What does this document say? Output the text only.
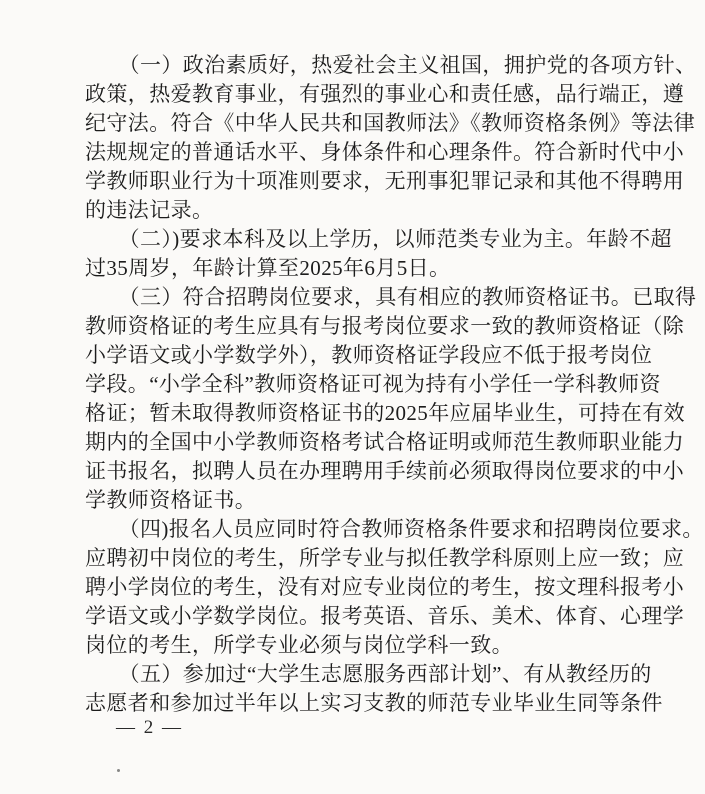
（一）政治素质好，热爱社会主义祖国，拥护党的各项方针、
政策，热爱教育事业，有强烈的事业心和责任感，品行端正，遵
纪守法。符合《中华人民共和国教师法》《教师资格条例》等法律
法规规定的普通话水平、身体条件和心理条件。符合新时代中小
学教师职业行为十项准则要求，无刑事犯罪记录和其他不得聘用
的违法记录。

（二）)要求本科及以上学历，以师范类专业为主。年龄不超
过35周岁，年龄计算至2025年6月5日。

（三）符合招聘岗位要求，具有相应的教师资格证书。已取得
教师资格证的考生应具有与报考岗位要求一致的教师资格证（除
小学语文或小学数学外），教师资格证学段应不低于报考岗位
学段。“小学全科”教师资格证可视为持有小学任一学科教师资
格证；暂未取得教师资格证书的2025年应届毕业生，可持在有效
期内的全国中小学教师资格考试合格证明或师范生教师职业能力
证书报名，拟聘人员在办理聘用手续前必须取得岗位要求的中小
学教师资格证书。

（四)报名人员应同时符合教师资格条件要求和招聘岗位要求。
应聘初中岗位的考生，所学专业与拟任教学科原则上应一致；应
聘小学岗位的考生，没有对应专业岗位的考生，按文理科报考小
学语文或小学数学岗位。报考英语、音乐、美术、体育、心理学
岗位的考生，所学专业必须与岗位学科一致。

（五）参加过“大学生志愿服务西部计划”、有从教经历的
志愿者和参加过半年以上实习支教的师范专业毕业生同等条件

— 2 —
